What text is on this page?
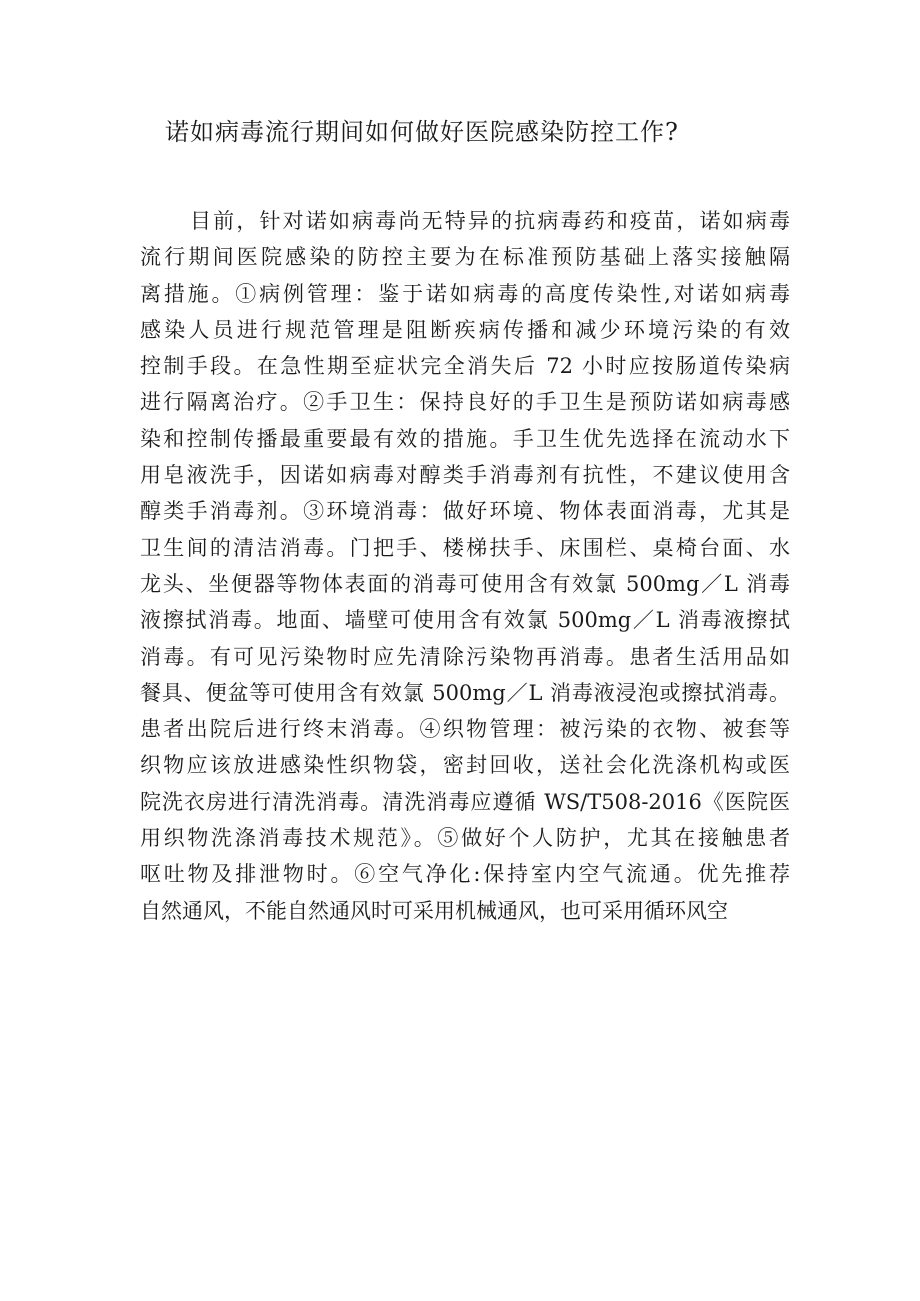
诺如病毒流行期间如何做好医院感染防控工作?
目前，针对诺如病毒尚无特异的抗病毒药和疫苗，诺如病毒
流行期间医院感染的防控主要为在标准预防基础上落实接触隔
离措施。①病例管理：鉴于诺如病毒的高度传染性,对诺如病毒
感染人员进行规范管理是阻断疾病传播和减少环境污染的有效
控制手段。在急性期至症状完全消失后 72 小时应按肠道传染病
进行隔离治疗。②手卫生：保持良好的手卫生是预防诺如病毒感
染和控制传播最重要最有效的措施。手卫生优先选择在流动水下
用皂液洗手，因诺如病毒对醇类手消毒剂有抗性，不建议使用含
醇类手消毒剂。③环境消毒：做好环境、物体表面消毒，尤其是
卫生间的清洁消毒。门把手、楼梯扶手、床围栏、桌椅台面、水
龙头、坐便器等物体表面的消毒可使用含有效氯 500mg／L 消毒
液擦拭消毒。地面、墙壁可使用含有效氯 500mg／L 消毒液擦拭
消毒。有可见污染物时应先清除污染物再消毒。患者生活用品如
餐具、便盆等可使用含有效氯 500mg／L 消毒液浸泡或擦拭消毒。
患者出院后进行终末消毒。④织物管理：被污染的衣物、被套等
织物应该放进感染性织物袋，密封回收，送社会化洗涤机构或医
院洗衣房进行清洗消毒。清洗消毒应遵循 WS/T508-2016《医院医
用织物洗涤消毒技术规范》。⑤做好个人防护，尤其在接触患者
呕吐物及排泄物时。⑥空气净化:保持室内空气流通。优先推荐
自然通风，不能自然通风时可采用机械通风，也可采用循环风空
